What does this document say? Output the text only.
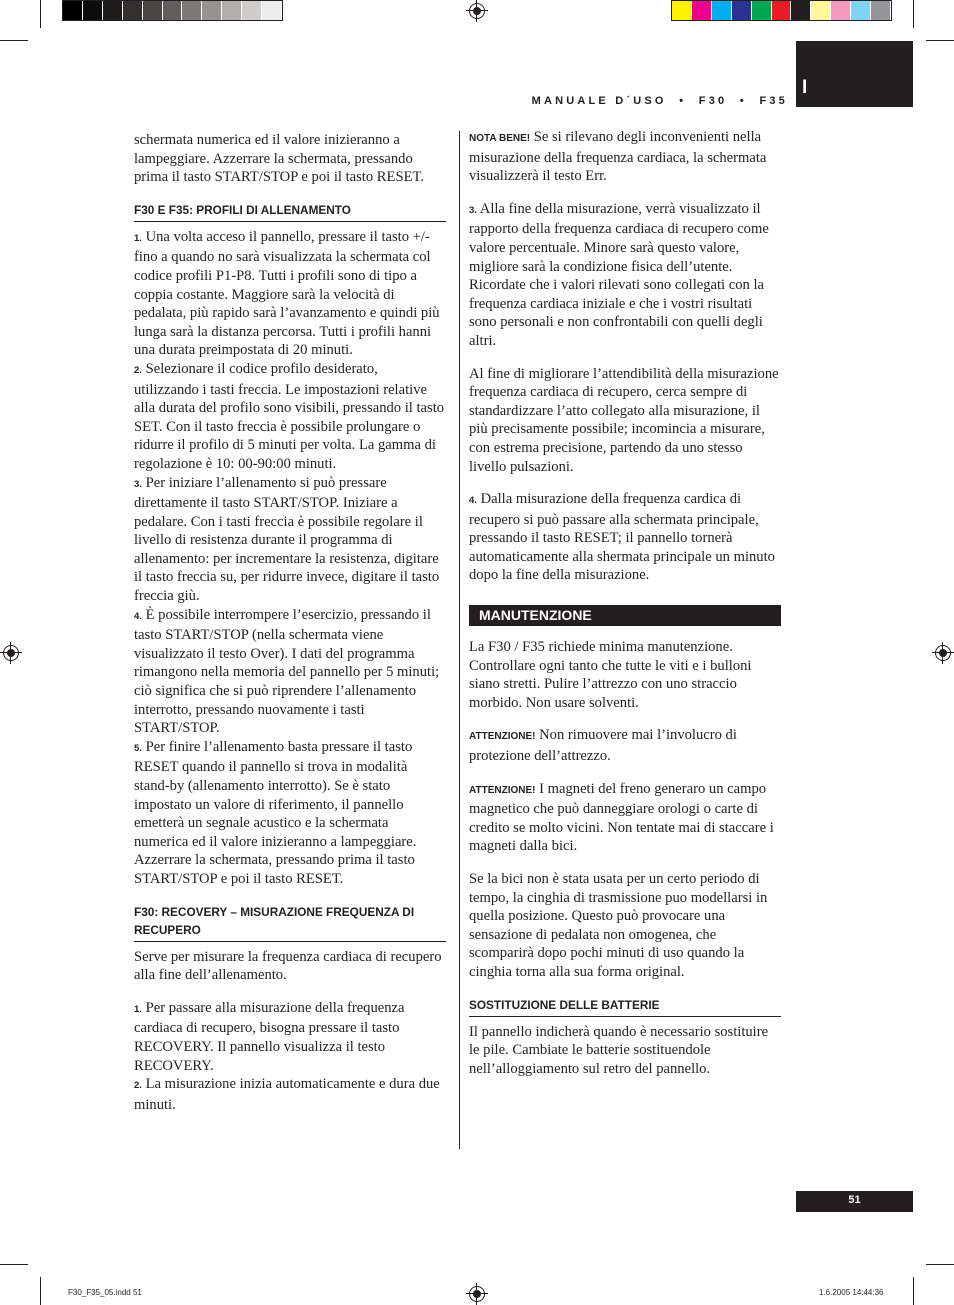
MANUALE D´USO • F30 • F35
I

schermata numerica ed il valore inizieranno a lampeggiare. Azzerrare la schermata, pressando prima il tasto START/STOP e poi il tasto RESET.

F30 E F35: PROFILI DI ALLENAMENTO

1. Una volta acceso il pannello, pressare il tasto +/- fino a quando no sarà visualizzata la schermata col codice profili P1-P8. Tutti i profili sono di tipo a coppia costante. Maggiore sarà la velocità di pedalata, più rapido sarà l’avanzamento e quindi più lunga sarà la distanza percorsa. Tutti i profili hanni una durata preimpostata di 20 minuti.

2. Selezionare il codice profilo desiderato, utilizzando i tasti freccia. Le impostazioni relative alla durata del profilo sono visibili, pressando il tasto SET. Con il tasto freccia è possibile prolungare o ridurre il profilo di 5 minuti per volta. La gamma di regolazione è 10: 00-90:00 minuti.

3. Per iniziare l’allenamento si può pressare direttamente il tasto START/STOP. Iniziare a pedalare. Con i tasti freccia è possibile regolare il livello di resistenza durante il programma di allenamento: per incrementare la resistenza, digitare il tasto freccia su, per ridurre invece, digitare il tasto freccia giù.

4. È possibile interrompere l’esercizio, pressando il tasto START/STOP (nella schermata viene visualizzato il testo Over). I dati del programma rimangono nella memoria del pannello per 5 minuti; ciò significa che si può riprendere l’allenamento interrotto, pressando nuovamente i tasti START/STOP.

5. Per finire l’allenamento basta pressare il tasto RESET quando il pannello si trova in modalità stand-by (allenamento interrotto). Se è stato impostato un valore di riferimento, il pannello emetterà un segnale acustico e la schermata numerica ed il valore inizieranno a lampeggiare. Azzerrare la schermata, pressando prima il tasto START/STOP e poi il tasto RESET.

F30: RECOVERY – MISURAZIONE FREQUENZA DI RECUPERO

Serve per misurare la frequenza cardiaca di recupero alla fine dell’allenamento.

1. Per passare alla misurazione della frequenza cardiaca di recupero, bisogna pressare il tasto RECOVERY. Il pannello visualizza il testo RECOVERY.

2. La misurazione inizia automaticamente e dura due minuti.

NOTA BENE! Se si rilevano degli inconvenienti nella misurazione della frequenza cardiaca, la schermata visualizzerà il testo Err.

3. Alla fine della misurazione, verrà visualizzato il rapporto della frequenza cardiaca di recupero come valore percentuale. Minore sarà questo valore, migliore sarà la condizione fisica dell’utente. Ricordate che i valori rilevati sono collegati con la frequenza cardiaca iniziale e che i vostri risultati sono personali e non confrontabili con quelli degli altri.

Al fine di migliorare l’attendibilità della misurazione frequenza cardiaca di recupero, cerca sempre di standardizzare l’atto collegato alla misurazione, il più precisamente possibile; incomincia a misurare, con estrema precisione, partendo da uno stesso livello pulsazioni.

4. Dalla misurazione della frequenza cardica di recupero si può passare alla schermata principale, pressando il tasto RESET; il pannello tornerà automaticamente alla shermata principale un minuto dopo la fine della misurazione.

MANUTENZIONE

La F30 / F35 richiede minima manutenzione. Controllare ogni tanto che tutte le viti e i bulloni siano stretti. Pulire l’attrezzo con uno straccio morbido. Non usare solventi.

ATTENZIONE! Non rimuovere mai l’involucro di protezione dell’attrezzo.

ATTENZIONE! I magneti del freno generaro un campo magnetico che può danneggiare orologi o carte di credito se molto vicini. Non tentate mai di staccare i magneti dalla bici.

Se la bici non è stata usata per un certo periodo di tempo, la cinghia di trasmissione puo modellarsi in quella posizione. Questo può provocare una sensazione di pedalata non omogenea, che scomparirà dopo pochi minuti di uso quando la cinghia torna alla sua forma original.

SOSTITUZIONE DELLE BATTERIE

Il pannello indicherà quando è necessario sostituire le pile. Cambiate le batterie sostituendole nell’alloggiamento sul retro del pannello.

51
F30_F35_05.indd 51	1.6.2005 14:44:36
